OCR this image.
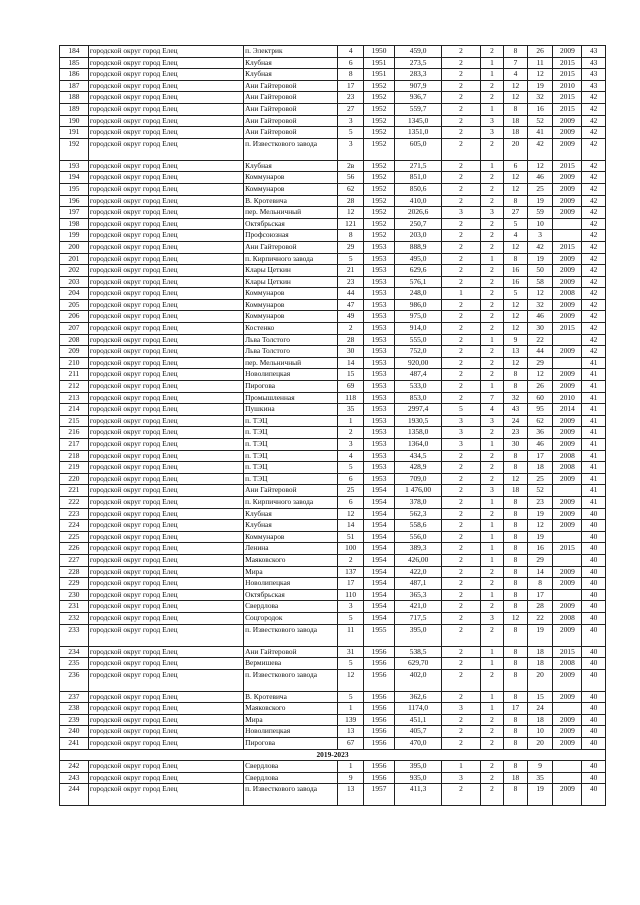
184	городской округ город Елец	п. Электрик	4	1950	459,0	2	2	8	26	2009	43
185	городской округ город Елец	Клубная	6	1951	273,5	2	1	7	11	2015	43
186	городской округ город Елец	Клубная	8	1951	283,3	2	1	4	12	2015	43
187	городской округ город Елец	Ани Гайтеровой	17	1952	907,9	2	2	12	19	2010	43
188	городской округ город Елец	Ани Гайтеровой	23	1952	936,7	2	2	12	32	2015	42
189	городской округ город Елец	Ани Гайтеровой	27	1952	559,7	2	1	8	16	2015	42
190	городской округ город Елец	Ани Гайтеровой	3	1952	1345,0	2	3	18	52	2009	42
191	городской округ город Елец	Ани Гайтеровой	5	1952	1351,0	2	3	18	41	2009	42
192	городской округ город Елец	п. Известкового завода	3	1952	605,0	2	2	20	42	2009	42
193	городской округ город Елец	Клубная	2в	1952	271,5	2	1	6	12	2015	42
194	городской округ город Елец	Коммунаров	56	1952	851,0	2	2	12	46	2009	42
195	городской округ город Елец	Коммунаров	62	1952	850,6	2	2	12	25	2009	42
196	городской округ город Елец	В. Кротевича	28	1952	410,0	2	2	8	19	2009	42
197	городской округ город Елец	пер. Мельничный	12	1952	2026,6	3	3	27	59	2009	42
198	городской округ город Елец	Октябрьская	121	1952	250,7	2	2	5	10		42
199	городской округ город Елец	Профсоюзная	8	1952	203,0	2	2	4	3		42
200	городской округ город Елец	Ани Гайтеровой	29	1953	888,9	2	2	12	42	2015	42
201	городской округ город Елец	п. Кирпичного завода	5	1953	495,0	2	1	8	19	2009	42
202	городской округ город Елец	Клары Цеткин	21	1953	629,6	2	2	16	50	2009	42
203	городской округ город Елец	Клары Цеткин	23	1953	576,1	2	2	16	58	2009	42
204	городской округ город Елец	Коммунаров	44	1953	248,0	1	2	5	12	2008	42
205	городской округ город Елец	Коммунаров	47	1953	986,0	2	2	12	32	2009	42
206	городской округ город Елец	Коммунаров	49	1953	975,0	2	2	12	46	2009	42
207	городской округ город Елец	Костенко	2	1953	914,0	2	2	12	30	2015	42
208	городской округ город Елец	Льва Толстого	28	1953	555,0	2	1	9	22		42
209	городской округ город Елец	Льва Толстого	30	1953	752,0	2	2	13	44	2009	42
210	городской округ город Елец	пер. Мельничный	14	1953	920,00	2	2	12	29		41
211	городской округ город Елец	Новолипецкая	15	1953	487,4	2	2	8	12	2009	41
212	городской округ город Елец	Пирогова	69	1953	533,0	2	1	8	26	2009	41
213	городской округ город Елец	Промышленная	118	1953	853,0	2	7	32	60	2010	41
214	городской округ город Елец	Пушкина	35	1953	2997,4	5	4	43	95	2014	41
215	городской округ город Елец	п. ТЭЦ	1	1953	1930,5	3	3	24	62	2009	41
216	городской округ город Елец	п. ТЭЦ	2	1953	1358,0	3	2	23	36	2009	41
217	городской округ город Елец	п. ТЭЦ	3	1953	1364,0	3	1	30	46	2009	41
218	городской округ город Елец	п. ТЭЦ	4	1953	434,5	2	2	8	17	2008	41
219	городской округ город Елец	п. ТЭЦ	5	1953	428,9	2	2	8	18	2008	41
220	городской округ город Елец	п. ТЭЦ	6	1953	709,0	2	2	12	25	2009	41
221	городской округ город Елец	Ани Гайтеровой	25	1954	1 476,00	2	3	18	52		41
222	городской округ город Елец	п. Кирпичного завода	6	1954	378,0	2	1	8	23	2009	41
223	городской округ город Елец	Клубная	12	1954	562,3	2	2	8	19	2009	40
224	городской округ город Елец	Клубная	14	1954	558,6	2	1	8	12	2009	40
225	городской округ город Елец	Коммунаров	51	1954	556,0	2	1	8	19		40
226	городской округ город Елец	Ленина	100	1954	389,3	2	1	8	16	2015	40
227	городской округ город Елец	Маяковского	2	1954	426,00	2	1	8	29		40
228	городской округ город Елец	Мира	137	1954	422,0	2	2	8	14	2009	40
229	городской округ город Елец	Новолипецкая	17	1954	487,1	2	2	8	8	2009	40
230	городской округ город Елец	Октябрьская	110	1954	365,3	2	1	8	17		40
231	городской округ город Елец	Свердлова	3	1954	421,0	2	2	8	28	2009	40
232	городской округ город Елец	Соцгородок	5	1954	717,5	2	3	12	22	2008	40
233	городской округ город Елец	п. Известкового завода	11	1955	395,0	2	2	8	19	2009	40
234	городской округ город Елец	Ани Гайтеровой	31	1956	538,5	2	1	8	18	2015	40
235	городской округ город Елец	Вермишева	5	1956	629,70	2	1	8	18	2008	40
236	городской округ город Елец	п. Известкового завода	12	1956	402,0	2	2	8	20	2009	40
237	городской округ город Елец	В. Кротевича	5	1956	362,6	2	1	8	15	2009	40
238	городской округ город Елец	Маяковского	1	1956	1174,0	3	1	17	24		40
239	городской округ город Елец	Мира	139	1956	451,1	2	2	8	18	2009	40
240	городской округ город Елец	Новолипецкая	13	1956	405,7	2	2	8	10	2009	40
241	городской округ город Елец	Пирогова	67	1956	470,0	2	2	8	20	2009	40
2019-2023											
242	городской округ город Елец	Свердлова	1	1956	395,0	1	2	8	9		40
243	городской округ город Елец	Свердлова	9	1956	935,0	3	2	18	35		40
244	городской округ город Елец	п. Известкового завода	13	1957	411,3	2	2	8	19	2009	40
